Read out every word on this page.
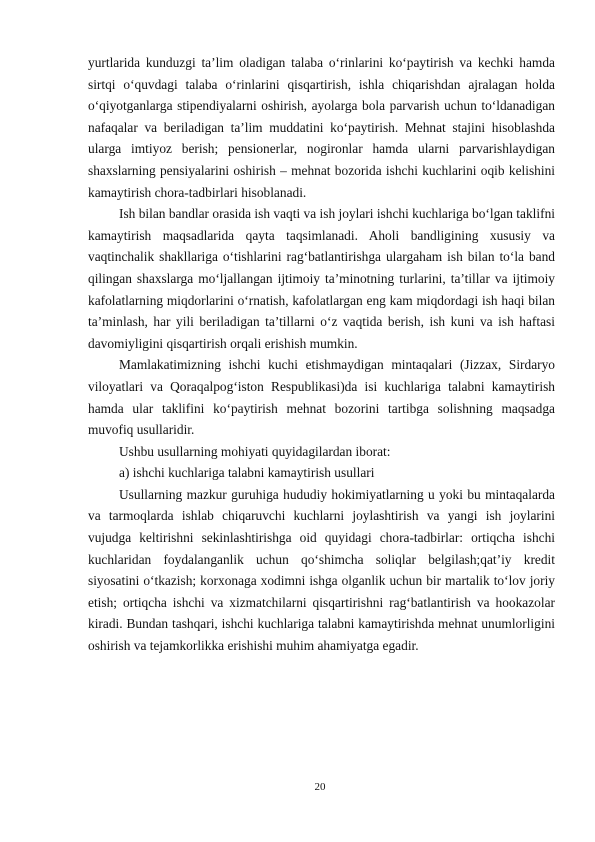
yurtlarida kunduzgi ta’lim oladigan talaba o‘rinlarini ko‘paytirish va kechki hamda sirtqi o‘quvdagi talaba o‘rinlarini qisqartirish, ishla chiqarishdan ajralagan holda o‘qiyotganlarga stipendiyalarni oshirish, ayolarga bola parvarish uchun to‘ldanadigan nafaqalar va beriladigan ta’lim muddatini ko‘paytirish. Mehnat stajini hisoblashda ularga imtiyoz berish; pensionerlar, nogironlar hamda ularni parvarishlaydigan shaxslarning pensiyalarini oshirish – mehnat bozorida ishchi kuchlarini oqib kelishini kamaytirish chora-tadbirlari hisoblanadi.

Ish bilan bandlar orasida ish vaqti va ish joylari ishchi kuchlariga bo‘lgan taklifni kamaytirish maqsadlarida qayta taqsimlanadi. Aholi bandligining xususiy va vaqtinchalik shakllariga o‘tishlarini rag‘batlantirishga ulargaham ish bilan to‘la band qilingan shaxslarga mo‘ljallangan ijtimoiy ta’minotning turlarini, ta’tillar va ijtimoiy kafolatlarning miqdorlarini o‘rnatish, kafolatlargan eng kam miqdordagi ish haqi bilan ta’minlash, har yili beriladigan ta’tillarni o‘z vaqtida berish, ish kuni va ish haftasi davomiyligini qisqartirish orqali erishish mumkin.

Mamlakatimizning ishchi kuchi etishmaydigan mintaqalari (Jizzax, Sirdaryo viloyatlari va Qoraqalpog‘iston Respublikasi)da isi kuchlariga talabni kamaytirish hamda ular taklifini ko‘paytirish mehnat bozorini tartibga solishning maqsadga muvofiq usullaridir.

Ushbu usullarning mohiyati quyidagilardan iborat:

a) ishchi kuchlariga talabni kamaytirish usullari

Usullarning mazkur guruhiga hududiy hokimiyatlarning u yoki bu mintaqalarda va tarmoqlarda ishlab chiqaruvchi kuchlarni joylashtirish va yangi ish joylarini vujudga keltirishni sekinlashtirishga oid quyidagi chora-tadbirlar: ortiqcha ishchi kuchlaridan foydalanganlik uchun qo‘shimcha soliqlar belgilash;qat’iy kredit siyosatini o‘tkazish; korxonaga xodimni ishga olganlik uchun bir martalik to‘lov joriy etish; ortiqcha ishchi va xizmatchilarni qisqartirishni rag‘batlantirish va hookazolar kiradi. Bundan tashqari, ishchi kuchlariga talabni kamaytirishda mehnat unumlorligini oshirish va tejamkorlikka erishishi muhim ahamiyatga egadir.

20
